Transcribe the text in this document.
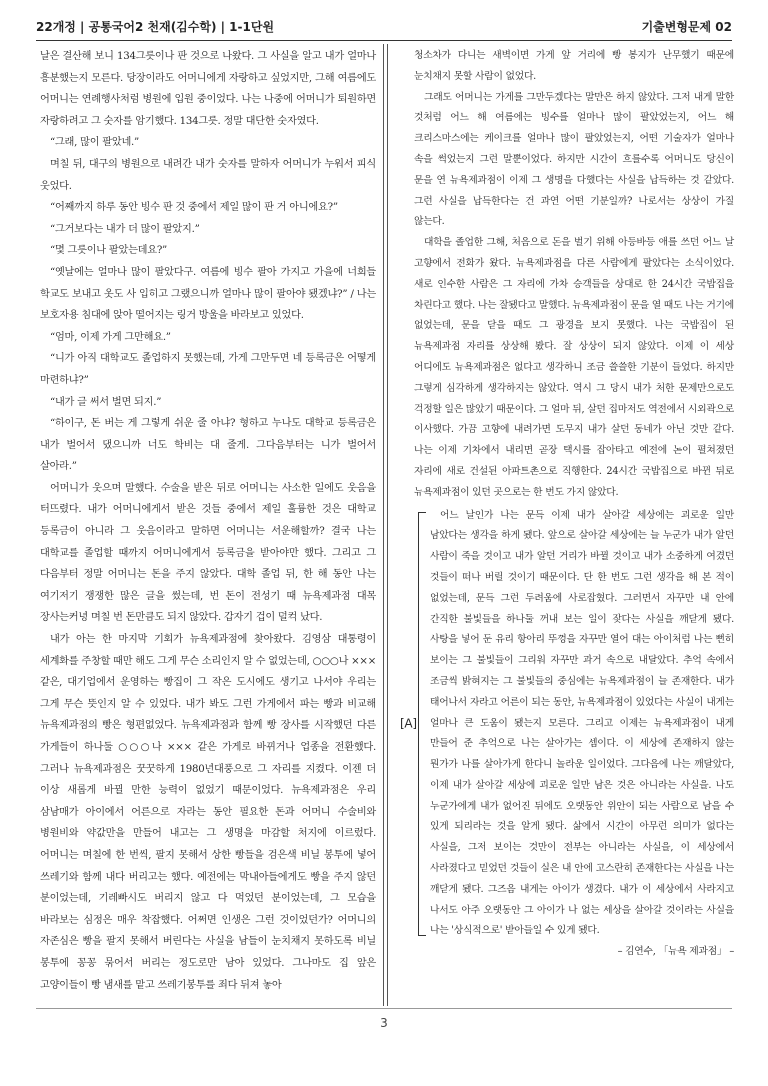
22개정 | 공통국어2 천재(김수학) | 1-1단원	기출변형문제 02

날은 결산해 보니 134그릇이나 판 것으로 나왔다. 그 사실을 알고 내가 얼마나 흥분했는지 모른다. 당장이라도 어머니에게 자랑하고 싶었지만, 그해 여름에도 어머니는 연례행사처럼 병원에 입원 중이었다. 나는 나중에 어머니가 퇴원하면 자랑하려고 그 숫자를 암기했다. 134그릇. 정말 대단한 숫자였다.

“그래, 많이 팔았네.”

며칠 뒤, 대구의 병원으로 내려간 내가 숫자를 말하자 어머니가 누워서 피식 웃었다.

“어째까지 하루 동안 빙수 판 것 중에서 제일 많이 판 거 아니에요?”

“그거보다는 내가 더 많이 팔았지.”

“몇 그릇이나 팔았는데요?”

“옛날에는 얼마나 많이 팔았다구. 여름에 빙수 팔아 가지고 가을에 너희들 학교도 보내고 옷도 사 입히고 그랬으니까 얼마나 많이 팔아야 됐겠냐?” / 나는 보호자용 침대에 앉아 떨어지는 링거 방울을 바라보고 있었다.

“엄마, 이제 가게 그만해요.”

“니가 아직 대학교도 졸업하지 못했는데, 가게 그만두면 네 등록금은 어떻게 마련하냐?”

“내가 글 써서 벌면 되지.”

“하이구, 돈 버는 게 그렇게 쉬운 줄 아냐? 형하고 누나도 대학교 등록금은 내가 벌어서 댔으니까 너도 학비는 대 줄게. 그다음부터는 니가 벌어서 살아라.”

어머니가 웃으며 말했다. 수술을 받은 뒤로 어머니는 사소한 일에도 웃음을 터뜨렸다. 내가 어머니에게서 받은 것들 중에서 제일 훌륭한 것은 대학교 등록금이 아니라 그 웃음이라고 말하면 어머니는 서운해할까? 결국 나는 대학교를 졸업할 때까지 어머니에게서 등록금을 받아야만 했다. 그리고 그 다음부터 정말 어머니는 돈을 주지 않았다. 대학 졸업 뒤, 한 해 동안 나는 여기저기 쟁쟁한 많은 글을 썼는데, 번 돈이 전성기 때 뉴욕제과점 대목 장사는커녕 며칠 번 돈만큼도 되지 않았다. 갑자기 겁이 덜컥 났다.

내가 아는 한 마지막 기회가 뉴욕제과점에 찾아왔다. 김영삼 대통령이 세계화를 주창할 때만 해도 그게 무슨 소리인지 알 수 없었는데, ○○○나 ××× 같은, 대기업에서 운영하는 빵집이 그 작은 도시에도 생기고 나서야 우리는 그게 무슨 뜻인지 알 수 있었다. 내가 봐도 그런 가게에서 파는 빵과 비교해 뉴욕제과점의 빵은 형편없었다. 뉴욕제과점과 함께 빵 장사를 시작했던 다른 가게들이 하나둘 ○○○나 ××× 같은 가게로 바뀌거나 업종을 전환했다. 그러나 뉴욕제과점은 꿋꿋하게 1980년대풍으로 그 자리를 지켰다. 이젠 더 이상 새롭게 바뀔 만한 능력이 없었기 때문이었다. 뉴욕제과점은 우리 삼남매가 아이에서 어른으로 자라는 동안 필요한 돈과 어머니 수술비와 병원비와 약값만을 만들어 내고는 그 생명을 마감할 처지에 이르렀다. 어머니는 며칠에 한 번씩, 팔지 못해서 상한 빵들을 검은색 비닐 봉투에 넣어 쓰레기와 함께 내다 버리고는 했다. 예전에는 막내아들에게도 빵을 주지 않던 분이었는데, 기레빠시도 버리지 않고 다 먹었던 분이었는데, 그 모습을 바라보는 심정은 매우 착잡했다. 어쩌면 인생은 그런 것이었던가? 어머니의 자존심은 빵을 팔지 못해서 버린다는 사실을 남들이 눈치채지 못하도록 비닐 봉투에 꽁꽁 묶어서 버리는 정도로만 남아 있었다. 그나마도 집 앞은 고양이들이 빵 냄새를 맡고 쓰레기봉투를 죄다 뒤져 놓아

청소차가 다니는 새벽이면 가게 앞 거리에 빵 봉지가 난무했기 때문에 눈치채지 못할 사람이 없었다.

그래도 어머니는 가게를 그만두겠다는 말만은 하지 않았다. 그저 내게 말한 것처럼 어느 해 여름에는 빙수를 얼마나 많이 팔았었는지, 어느 해 크리스마스에는 케이크를 얼마나 많이 팔았었는지, 어떤 기술자가 얼마나 속을 썩었는지 그런 말뿐이었다. 하지만 시간이 흐를수록 어머니도 당신이 문을 연 뉴욕제과점이 이제 그 생명을 다했다는 사실을 납득하는 것 같았다. 그런 사실을 납득한다는 건 과연 어떤 기분일까? 나로서는 상상이 가질 않는다.

대학을 졸업한 그해, 처음으로 돈을 벌기 위해 아등바등 애를 쓰던 어느 날 고향에서 전화가 왔다. 뉴욕제과점을 다른 사람에게 팔았다는 소식이었다. 새로 인수한 사람은 그 자리에 가차 승객들을 상대로 한 24시간 국밥집을 차린다고 했다. 나는 잘됐다고 말했다. 뉴욕제과점이 문을 열 때도 나는 거기에 없었는데, 문을 닫을 때도 그 광경을 보지 못했다. 나는 국밥집이 된 뉴욕제과점 자리를 상상해 봤다. 잘 상상이 되지 않았다. 이제 이 세상 어디에도 뉴욕제과점은 없다고 생각하니 조금 쓸쓸한 기분이 들었다. 하지만 그렇게 심각하게 생각하지는 않았다. 역시 그 당시 내가 처한 문제만으로도 걱정할 일은 많았기 때문이다. 그 얼마 뒤, 살던 집마저도 역전에서 시외곽으로 이사했다. 가끔 고향에 내려가면 도무지 내가 살던 동네가 아닌 것만 같다. 나는 이제 기차에서 내리면 곧장 택시를 잡아타고 예전에 논이 펼쳐졌던 자리에 새로 건설된 아파트촌으로 직행한다. 24시간 국밥집으로 바뀐 뒤로 뉴욕제과점이 있던 곳으로는 한 번도 가지 않았다.

[A]

어느 날인가 나는 문득 이제 내가 살아갈 세상에는 괴로운 일만 남았다는 생각을 하게 됐다. 앞으로 살아갈 세상에는 늘 누군가 내가 알던 사람이 죽을 것이고 내가 알던 거리가 바뀔 것이고 내가 소중하게 여겼던 것들이 떠나 버릴 것이기 때문이다. 단 한 번도 그런 생각을 해 본 적이 없었는데, 문득 그런 두려움에 사로잡혔다. 그러면서 자꾸만 내 안에 간직한 불빛들을 하나둘 꺼내 보는 일이 잦다는 사실을 깨닫게 됐다. 사탕을 넣어 둔 유리 항아리 뚜껑을 자꾸만 열어 대는 아이처럼 나는 뻔히 보이는 그 불빛들이 그리워 자꾸만 과거 속으로 내달았다. 추억 속에서 조금씩 밝혀지는 그 불빛들의 중심에는 뉴욕제과점이 늘 존재한다. 내가 태어나서 자라고 어른이 되는 동안, 뉴욕제과점이 있었다는 사실이 내게는 얼마나 큰 도움이 됐는지 모른다. 그리고 이제는 뉴욕제과점이 내게 만들어 준 추억으로 나는 살아가는 셈이다. 이 세상에 존재하지 않는 뭔가가 나를 살아가게 한다니 놀라운 일이었다. 그다음에 나는 깨달았다, 이제 내가 살아갈 세상에 괴로운 일만 남은 것은 아니라는 사실을. 나도 누군가에게 내가 없어진 뒤에도 오랫동안 위안이 되는 사람으로 남을 수 있게 되리라는 것을 알게 됐다. 삶에서 시간이 아무런 의미가 없다는 사실을, 그저 보이는 것만이 전부는 아니라는 사실을, 이 세상에서 사라졌다고 믿었던 것들이 실은 내 안에 고스란히 존재한다는 사실을 나는 깨닫게 됐다. 그즈음 내게는 아이가 생겼다. 내가 이 세상에서 사라지고 나서도 아주 오랫동안 그 아이가 나 없는 세상을 살아갈 것이라는 사실을 나는 '상식적으로' 받아들일 수 있게 됐다.

– 김연수, 「뉴욕 제과점」 –

3
